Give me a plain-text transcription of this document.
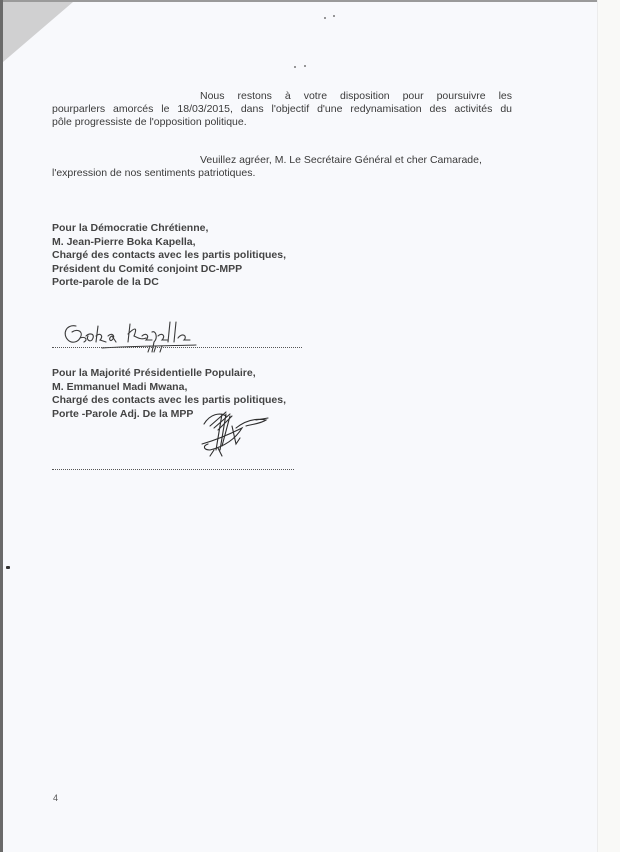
Nous restons à votre disposition pour poursuivre les
pourparlers amorcés le 18/03/2015, dans l'objectif d'une redynamisation des activités du
pôle progressiste de l'opposition politique.
Veuillez agréer, M. Le Secrétaire Général et cher Camarade,
l'expression de nos sentiments patriotiques.
Pour la Démocratie Chrétienne,
M. Jean-Pierre Boka Kapella,
Chargé des contacts avec les partis politiques,
Président du Comité conjoint DC-MPP
Porte-parole de la DC
Pour la Majorité Présidentielle Populaire,
M. Emmanuel Madi Mwana,
Chargé des contacts avec les partis politiques,
Porte -Parole Adj. De la MPP
4
